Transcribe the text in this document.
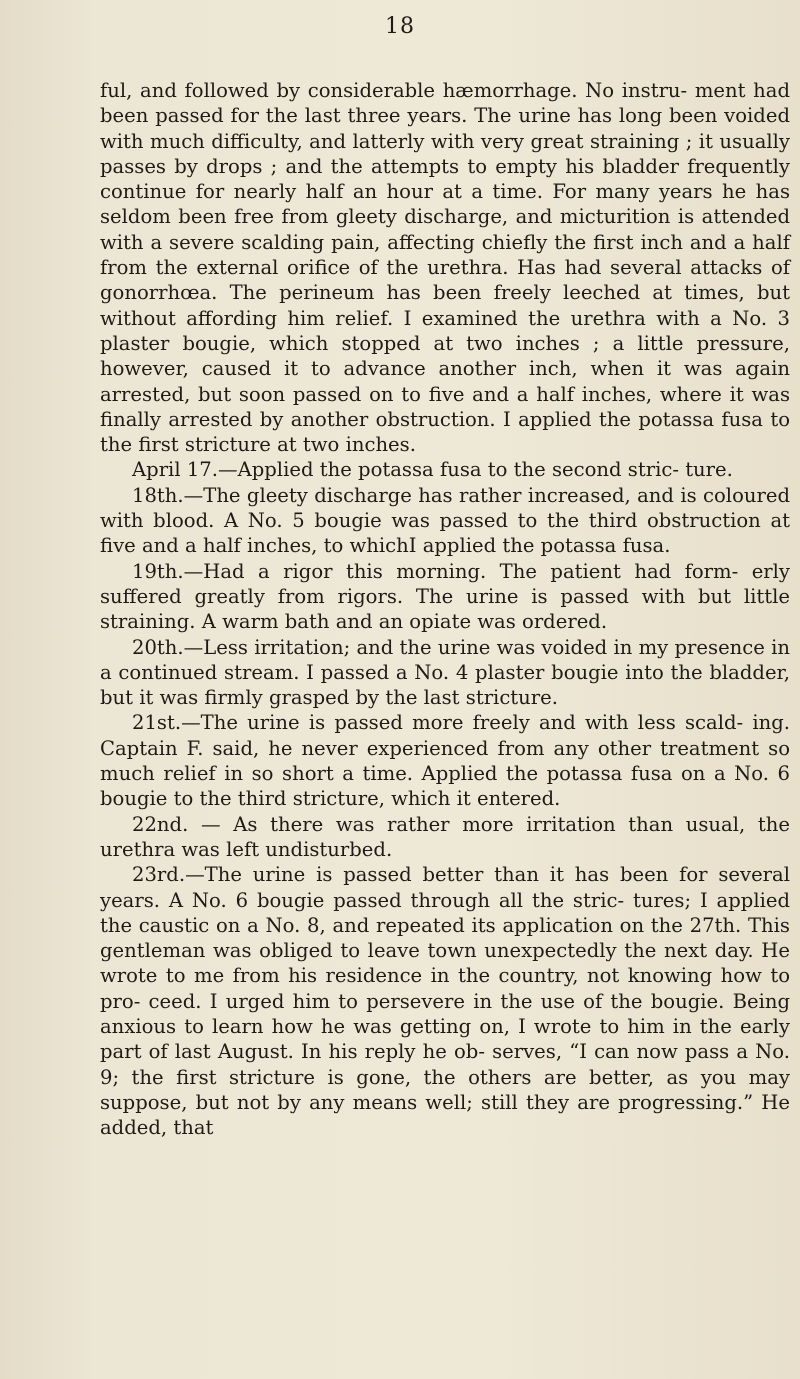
18

ful, and followed by considerable hæmorrhage. No instru- ment had been passed for the last three years. The urine has long been voided with much difficulty, and latterly with very great straining ; it usually passes by drops ; and the attempts to empty his bladder frequently continue for nearly half an hour at a time. For many years he has seldom been free from gleety discharge, and micturition is attended with a severe scalding pain, affecting chiefly the first inch and a half from the external orifice of the urethra. Has had several attacks of gonorrhœa. The perineum has been freely leeched at times, but without affording him relief. I examined the urethra with a No. 3 plaster bougie, which stopped at two inches ; a little pressure, however, caused it to advance another inch, when it was again arrested, but soon passed on to five and a half inches, where it was finally arrested by another obstruction. I applied the potassa fusa to the first stricture at two inches.

April 17.—Applied the potassa fusa to the second stric- ture.

18th.—The gleety discharge has rather increased, and is coloured with blood. A No. 5 bougie was passed to the third obstruction at five and a half inches, to whichI applied the potassa fusa.

19th.—Had a rigor this morning. The patient had form- erly suffered greatly from rigors. The urine is passed with but little straining. A warm bath and an opiate was ordered.

20th.—Less irritation; and the urine was voided in my presence in a continued stream. I passed a No. 4 plaster bougie into the bladder, but it was firmly grasped by the last stricture.

21st.—The urine is passed more freely and with less scald- ing. Captain F. said, he never experienced from any other treatment so much relief in so short a time. Applied the potassa fusa on a No. 6 bougie to the third stricture, which it entered.

22nd. — As there was rather more irritation than usual, the urethra was left undisturbed.

23rd.—The urine is passed better than it has been for several years. A No. 6 bougie passed through all the stric- tures; I applied the caustic on a No. 8, and repeated its application on the 27th. This gentleman was obliged to leave town unexpectedly the next day. He wrote to me from his residence in the country, not knowing how to pro- ceed. I urged him to persevere in the use of the bougie. Being anxious to learn how he was getting on, I wrote to him in the early part of last August. In his reply he ob- serves, “I can now pass a No. 9; the first stricture is gone, the others are better, as you may suppose, but not by any means well; still they are progressing.” He added, that
